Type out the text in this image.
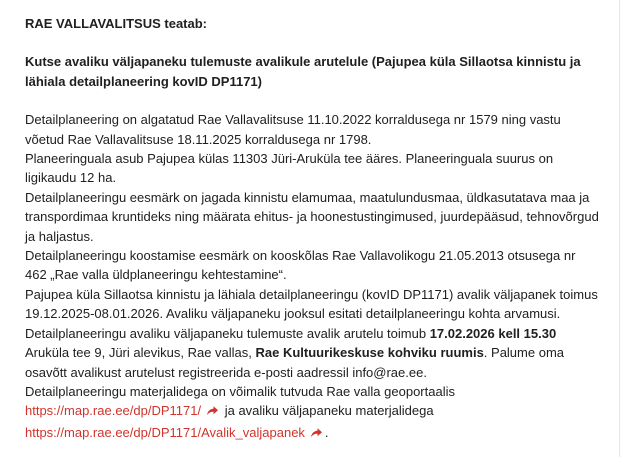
RAE VALLAVALITSUS teatab:

Kutse avaliku väljapaneku tulemuste avalikule arutelule (Pajupea küla Sillaotsa kinnistu ja lähiala detailplaneering kovID DP1171)

Detailplaneering on algatatud Rae Vallavalitsuse 11.10.2022 korraldusega nr 1579 ning vastu võetud Rae Vallavalitsuse 18.11.2025 korraldusega nr 1798.

Planeeringuala asub Pajupea külas 11303 Jüri-Aruküla tee ääres. Planeeringuala suurus on ligikaudu 12 ha.

Detailplaneeringu eesmärk on jagada kinnistu elamumaa, maatulundusmaa, üldkasutatava maa ja transpordimaa kruntideks ning määrata ehitus- ja hoonestustingimused, juurdepääsud, tehnovõrgud ja haljastus.

Detailplaneeringu koostamise eesmärk on kooskõlas Rae Vallavolikogu 21.05.2013 otsusega nr 462 „Rae valla üldplaneeringu kehtestamine“.

Pajupea küla Sillaotsa kinnistu ja lähiala detailplaneeringu (kovID DP1171) avalik väljapanek toimus 19.12.2025-08.01.2026. Avaliku väljapaneku jooksul esitati detailplaneeringu kohta arvamusi.

Detailplaneeringu avaliku väljapaneku tulemuste avalik arutelu toimub 17.02.2026 kell 15.30 Aruküla tee 9, Jüri alevikus, Rae vallas, Rae Kultuurikeskuse kohviku ruumis. Palume oma osavõtt avalikust arutelust registreerida e-posti aadressil info@rae.ee.

Detailplaneeringu materjalidega on võimalik tutvuda Rae valla geoportaalis
https://map.rae.ee/dp/DP1171/ ja avaliku väljapaneku materjalidega
https://map.rae.ee/dp/DP1171/Avalik_valjapanek .
